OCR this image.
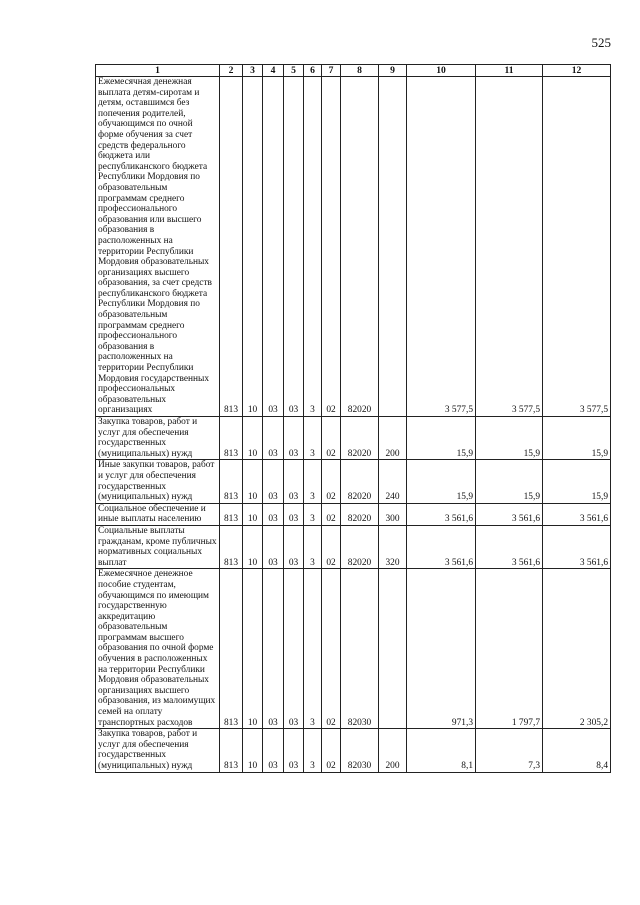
525
1	2	3	4	5	6	7	8	9	10	11	12

Ежемесячная денежная выплата детям-сиротам и детям, оставшимся без попечения родителей, обучающимся по очной форме обучения за счет средств федерального бюджета или республиканского бюджета Республики Мордовия по образовательным программам среднего профессионального образования или высшего образования в расположенных на территории Республики Мордовия образовательных организациях высшего образования, за счет средств республиканского бюджета Республики Мордовия по образовательным программам среднего профессионального образования в расположенных на территории Республики Мордовия государственных профессиональных образовательных организациях	813	10	03	03	3	02	82020		3 577,5	3 577,5	3 577,5

Закупка товаров, работ и услуг для обеспечения государственных (муниципальных) нужд	813	10	03	03	3	02	82020	200	15,9	15,9	15,9

Иные закупки товаров, работ и услуг для обеспечения государственных (муниципальных) нужд	813	10	03	03	3	02	82020	240	15,9	15,9	15,9

Социальное обеспечение и иные выплаты населению	813	10	03	03	3	02	82020	300	3 561,6	3 561,6	3 561,6

Социальные выплаты гражданам, кроме публичных нормативных социальных выплат	813	10	03	03	3	02	82020	320	3 561,6	3 561,6	3 561,6

Ежемесячное денежное пособие студентам, обучающимся по имеющим государственную аккредитацию образовательным программам высшего образования по очной форме обучения в расположенных на территории Республики Мордовия образовательных организациях высшего образования, из малоимущих семей на оплату транспортных расходов	813	10	03	03	3	02	82030		971,3	1 797,7	2 305,2

Закупка товаров, работ и услуг для обеспечения государственных (муниципальных) нужд	813	10	03	03	3	02	82030	200	8,1	7,3	8,4
